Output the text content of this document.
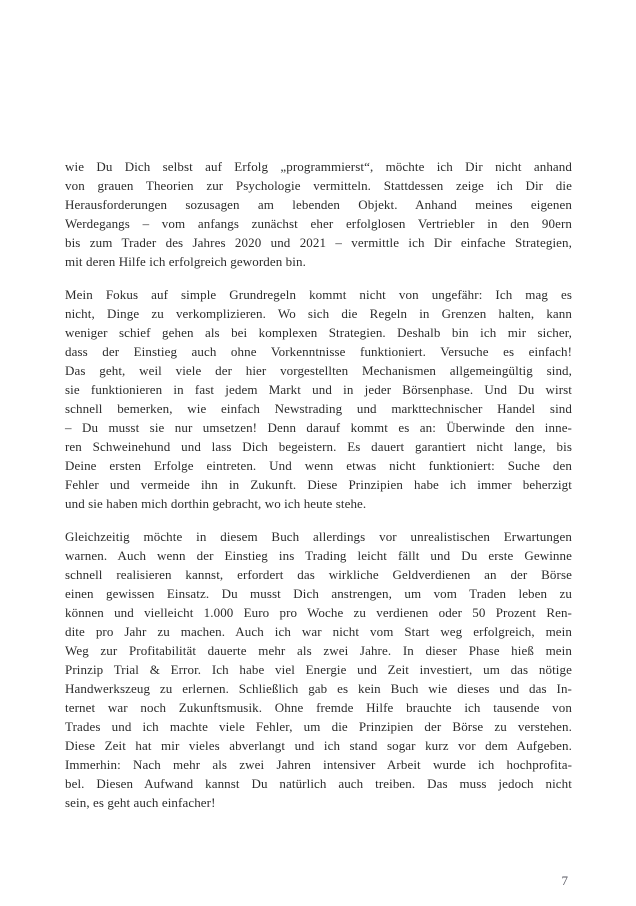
wie Du Dich selbst auf Erfolg „programmierst“, möchte ich Dir nicht anhand
von grauen Theorien zur Psychologie vermitteln. Stattdessen zeige ich Dir die
Herausforderungen sozusagen am lebenden Objekt. Anhand meines eigenen
Werdegangs – vom anfangs zunächst eher erfolglosen Vertriebler in den 90ern
bis zum Trader des Jahres 2020 und 2021 – vermittle ich Dir einfache Strategien,
mit deren Hilfe ich erfolgreich geworden bin.
Mein Fokus auf simple Grundregeln kommt nicht von ungefähr: Ich mag es
nicht, Dinge zu verkomplizieren. Wo sich die Regeln in Grenzen halten, kann
weniger schief gehen als bei komplexen Strategien. Deshalb bin ich mir sicher,
dass der Einstieg auch ohne Vorkenntnisse funktioniert. Versuche es einfach!
Das geht, weil viele der hier vorgestellten Mechanismen allgemeingültig sind,
sie funktionieren in fast jedem Markt und in jeder Börsenphase. Und Du wirst
schnell bemerken, wie einfach Newstrading und markttechnischer Handel sind
– Du musst sie nur umsetzen! Denn darauf kommt es an: Überwinde den inne-
ren Schweinehund und lass Dich begeistern. Es dauert garantiert nicht lange, bis
Deine ersten Erfolge eintreten. Und wenn etwas nicht funktioniert: Suche den
Fehler und vermeide ihn in Zukunft. Diese Prinzipien habe ich immer beherzigt
und sie haben mich dorthin gebracht, wo ich heute stehe.
Gleichzeitig möchte in diesem Buch allerdings vor unrealistischen Erwartungen
warnen. Auch wenn der Einstieg ins Trading leicht fällt und Du erste Gewinne
schnell realisieren kannst, erfordert das wirkliche Geldverdienen an der Börse
einen gewissen Einsatz. Du musst Dich anstrengen, um vom Traden leben zu
können und vielleicht 1.000 Euro pro Woche zu verdienen oder 50 Prozent Ren-
dite pro Jahr zu machen. Auch ich war nicht vom Start weg erfolgreich, mein
Weg zur Profitabilität dauerte mehr als zwei Jahre. In dieser Phase hieß mein
Prinzip Trial & Error. Ich habe viel Energie und Zeit investiert, um das nötige
Handwerkszeug zu erlernen. Schließlich gab es kein Buch wie dieses und das In-
ternet war noch Zukunftsmusik. Ohne fremde Hilfe brauchte ich tausende von
Trades und ich machte viele Fehler, um die Prinzipien der Börse zu verstehen.
Diese Zeit hat mir vieles abverlangt und ich stand sogar kurz vor dem Aufgeben.
Immerhin: Nach mehr als zwei Jahren intensiver Arbeit wurde ich hochprofita-
bel. Diesen Aufwand kannst Du natürlich auch treiben. Das muss jedoch nicht
sein, es geht auch einfacher!
7
